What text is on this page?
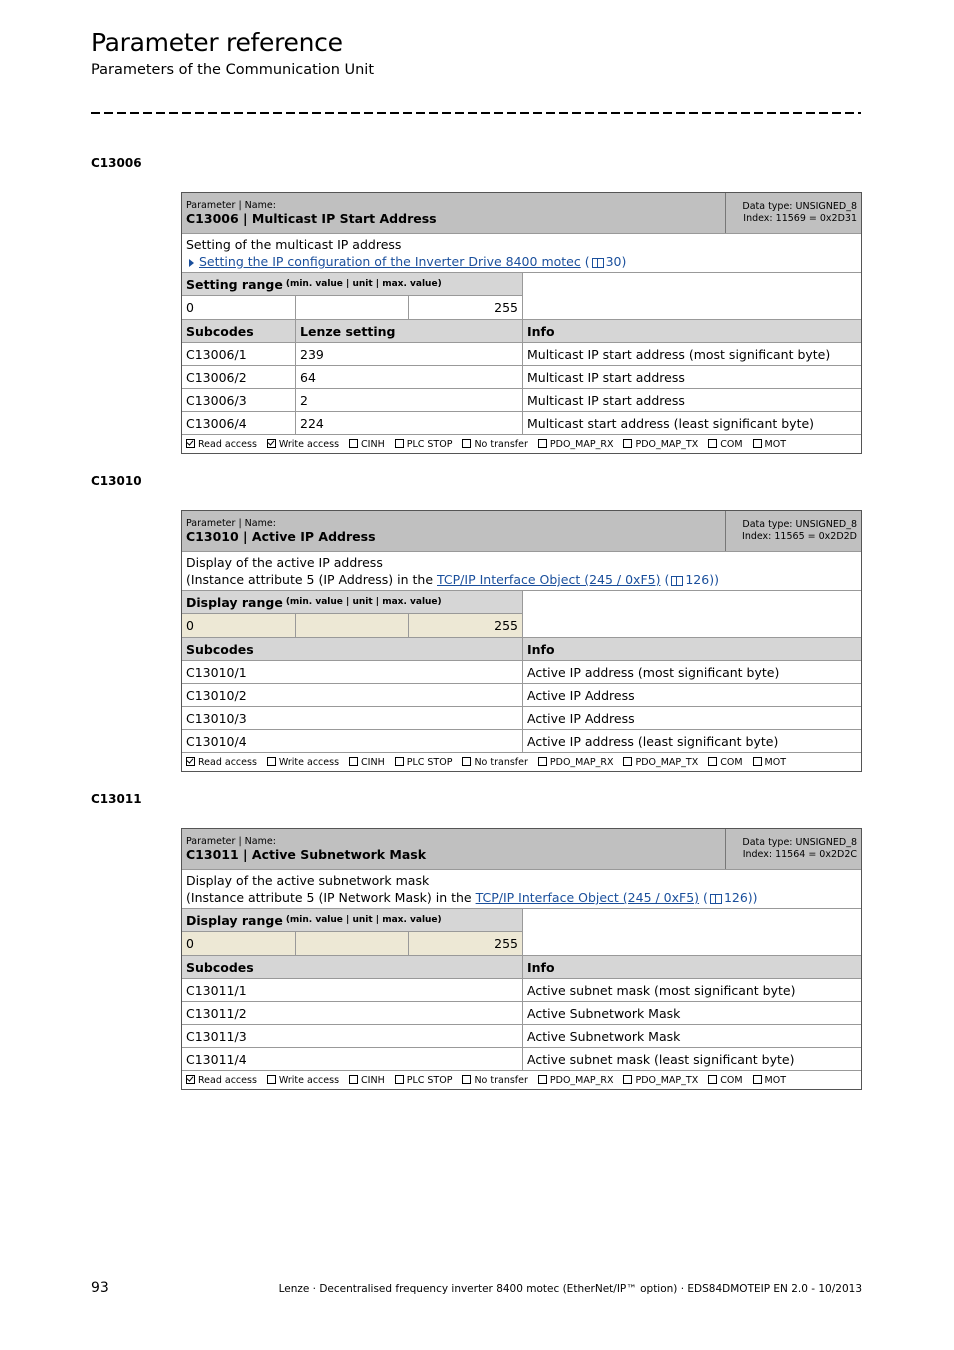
Parameter reference
Parameters of the Communication Unit
C13006
Parameter | Name:
C13006 | Multicast IP Start Address
Data type: UNSIGNED_8
Index: 11569 = 0x2D31
Setting of the multicast IP address
Setting the IP configuration of the Inverter Drive 8400 motec ( 30)
Setting range (min. value | unit | max. value)
0	255
Subcodes	Lenze setting	Info
C13006/1	239	Multicast IP start address (most significant byte)
C13006/2	64	Multicast IP start address
C13006/3	2	Multicast IP start address
C13006/4	224	Multicast start address (least significant byte)
Read access	Write access	CINH	PLC STOP	No transfer	PDO_MAP_RX	PDO_MAP_TX	COM	MOT
C13010
Parameter | Name:
C13010 | Active IP Address
Data type: UNSIGNED_8
Index: 11565 = 0x2D2D
Display of the active IP address
(Instance attribute 5 (IP Address) in the TCP/IP Interface Object (245 / 0xF5) ( 126))
Display range (min. value | unit | max. value)
0	255
Subcodes	Info
C13010/1	Active IP address (most significant byte)
C13010/2	Active IP Address
C13010/3	Active IP Address
C13010/4	Active IP address (least significant byte)
Read access	Write access	CINH	PLC STOP	No transfer	PDO_MAP_RX	PDO_MAP_TX	COM	MOT
C13011
Parameter | Name:
C13011 | Active Subnetwork Mask
Data type: UNSIGNED_8
Index: 11564 = 0x2D2C
Display of the active subnetwork mask
(Instance attribute 5 (IP Network Mask) in the TCP/IP Interface Object (245 / 0xF5) ( 126))
Display range (min. value | unit | max. value)
0	255
Subcodes	Info
C13011/1	Active subnet mask (most significant byte)
C13011/2	Active Subnetwork Mask
C13011/3	Active Subnetwork Mask
C13011/4	Active subnet mask (least significant byte)
Read access	Write access	CINH	PLC STOP	No transfer	PDO_MAP_RX	PDO_MAP_TX	COM	MOT
93	Lenze · Decentralised frequency inverter 8400 motec (EtherNet/IP™ option) · EDS84DMOTEIP EN 2.0 - 10/2013
